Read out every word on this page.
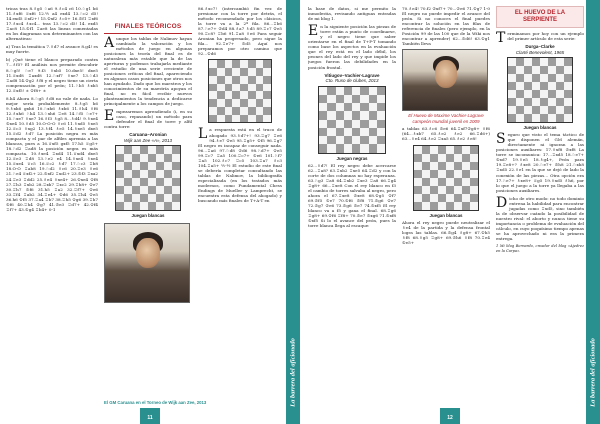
tricas tras 8.♗g5 ♘a6 9.♗c4 c6 10.♘g1 h6 11.♗xf6 ♕xf6 12.½ a4 exd4 13.♘c2 d5! 14.exd5 ♕xf2+! 15.♔xf2 ♗c5+ 16.♔f1 ♖xf6 17.♗xc4 ♗xc4... tras 13.♘c2 d5! 14. exd5 ♖ac8 15.♔f1 ♖ae8 las lineas comentadas en los diagramas son determinantes con las alternativas:

a) Tras la temática 7.♗d7 el avance 8.g4! es muy fuerte.

b) ¡Qué tiene el blanco preparado contra 7...♗f5? El análisis nos permite descubrir 8.♘g5! ♘e7 9.f3 ♗xb5 10.dxe5! dxe5 11.♕xd8 ♖axd8 12.♘xf7 ♗xe7 13.♘d3 ♖ad8 14.♔g2 ♗f8 y el negro tiene un cierta compensación por el peón; 11.♘b5 ♗xb5 12.♕xf5! ± ♔f8+ ±

8.h4 Ahora 8.♘g5 ♗d8 no vale de nada. Lo mejor sería probablemente 8.♗g5 h6 9.♗xh6 gxh6 10.♘xh6 ♗xh6 11.♗h4 ♗f6 12.♗xh6 ♘h4 13.♘xh6 ♖e8 14.♘f5 ♘e7+ 15.♘xe7 ♗xe7 16.♗f3 ♗g5 8...♗d4! 9.♗xe4 ♔xe4 10.♗d5 10.O-O-O ♗c6 11.♗xd5 ♗xe5 12.♕c3 ♗xg2 13.♗f4 ♗e5 14.♗xe5 dxe5 15.♕d2 ♗d7 La posición negra es más compacta y el par de alfiles apremia a las blancas, pues a 16.♕xf5 gxf5 17.h5 ♕g5+ 18.♘d2 ♖ad8 la posición negra es más compacta. 10.♗xe4 ♖xd4 11.♕xd4 dxe5 12.♕e3 ♖d8 13.♘e2 e4 14.♗xe4 ♗xe4 15.♕xe4 ♕c5 16.♕c2 ♗d7 17.♘c3 ♖b8 18.O-O ♖ab8 19.♘d2 ♗c6 20.♖e3 ♗e6 21.♘e4 ♕xf2+ 22.♔xf2 ♖xd2+ 23.♔f3 ♖xa2 24.♖e3 ♖dd2 25.♗e4 ♗xe4+ 26.♔xe4 ♔f8 27.♖h3 ♖xb2 28.♖xh7 ♖xc2 29.♖h8+ ♔e7 30.♖h7 ♔f6 31.h5 ♖a2 32.♖f7+ ♔e6 33.♖f4 ♖ab2 34.♖e4+ ♔d6 35.♖h4 ♔e5 36.h6 ♔f5 37.♖a4 ♖b7 38.♖h5 ♔g6 39.♖h7 ♔f6 40.♖h4 ♔g7 41.♔e3 ♖d7+ 42.♔f4 ♖f7+ 43.♔g4 ♖b4+ 0-1

FINALES TEÓRICOS

Aunque los tablas de Nalimov hayan cambiado la valoración y los métodos de juego en algunas posiciones la teoría del final es de naturaleza más estable que la de las aperturas y podemos trabajarla mediante el estudio de una serie creciente de posiciones críticas del final, apareciendo en algunos casos posiciones que otros nos han ayudado. Dado que los maestros y los conocimientos de su maestría apoyan el final, no es fácil recibir nuevos planteamientos la tendencia a dedicarse principalmente a los campos de juego.

Empezaremos aprendiendo (i, en su caso, repasando) un método para defender el final de torre y alfil contra torre:

Caruana–Aronian
Wijk aan Zee «A», 2013
Juegan blancas

86.♗xc7! (intercambió fin vez de presionar con la torre por detrás, el método recomendado por los clásicos, la torre va a la 2ª fila. 86...♖b6 87.♘e7+ ♔d4 88.♗a7 ♗d5 89.♖c7 ♔e5 90.♖c8? ♖b6 91.♖a8 ♗e6 Para seguir Aronian ha progresado, pero sigue la fila... 92.♖e7+ ♔d5 Aquí nos preparamos por otro camino que 92...♔d6

La respuesta está en el truco de ahogado 93.♗d7+! 93.♖g7 ♖e6 94.♗e7 ♔e5 95.♖g5+ ♔f5 96.♖g7 El negro es incapaz de conseguir nada. 96...♖a6 97.♘d8 ♔d6 98.♘d7+ ♔e5 99.♖c7 ♖a5 100.♖c7+ ♔e6 101.♘f7 ♖a5 102.♗c7 ♖c5 103.♖a7 ♗c3 104.♖a5+ ½-½ El estudio de este final se debería completar consultando las tablas de Nalimov, la bibliografía especializada (en los tratados más modernos, como Fundamental Chess Endings de Mueller y Lamprecht, se encuentra esta defensa del ahogado) y buscando más finales de T+A-T en

La barrera del aficionado
El GM Caruana en el Torneo de Wijk aan Zee, 2013
11

la base de datos, si me permito la inmodestia, revisando antiguas entradas de mi blog 1.

En la siguiente posición las piezas de torre están a punto de coordinarse, y el negro tiene que saber orientarse en el final de T+P-T tomando como base los aspectos en la evaluación que el rey está en el lado débil, los peones del lado del rey y que impide los juegos fueron las debilidades en la posición frontal.

Vitiugov–Vachier-Lagrave
Cto. Ruso de clubes, 2013
Juegan negras

62...♗d7! El rey negro debe acercarse 62...♖a8? 63.♖xb2 ♖xe5 64.♖d2 y con la corte de dos columnas no hay esperanza. 63.♘g3 ♖a8 64.♖xb2 ♖xe3 ♖a8 66.♖g4 ♖g8+ 66...♖xe8 Con el rey blanco en f3 el cambio de torres salvaba al negro, pero ahora el 67.♖xe8 ♔xe8 68.♔g5 ♔f7 69.♔f5 ♔e7 70.♔f6 ♔f8 71.♔g6 ♔e7 72.♔g7 ♔e6 73.♔g6 ♔e7 74.♔xf5 El rey blanco va a f5 y gana el final. 68.♖g6 ♖g8+ 69.♔f6 ♖f8+ 70.♔e7 ♔xg6 71.♔xf8 ♔xf5 Si lo el avance del peón, pues la torre blanca llega al escaque:

70.♗e4! 70.f2 ♔xf7+ 70...♔e6 71.♔g7 1-0 El negro no puede impedir el avance del peón. Si no conoces el final puedes encontrar la solución en las filas de referencia de finales (pero ejemplo, en la Posición 99 de las 100 que de la Wiki nos encontrar a aprender) 62...♔d6! 63.♔g1 También lleva

El Huevo de Maxime Vachier-Lagrave campeón mundial juvenil en 2009

a tablas 63.♗c6 ♔e6 64.♖xf7♔g8+ ♗f6 (64...♗xb7 65.♗e2 ♗e2 66.♖d6+) 63...♗e4 64.♗e2 ♖xa5 65.♗e2 ♗e8!

Juegan blancas

Ahora el rey negro puede neutralizar el ♗e4 de la partida y la defensa frontal logra las tablas. 66.♔g4 ♗g8+ 67.♔h5 ♗f8 68.♗g5 ♖g8+ 69.♔h6 ♗f8 70.♖e4 ♔e5+

EL HUEVO DE LA
SERPIENTE

Terminamos por hoy con un ejemplo del primer artículo de esta serie:

Durga–Clarke
Clarté Benevolent, 1965
Juegan blancas

Seguro que visto el tema táctico de que disponen el GM alemán, directamente ni ignoran a las posiciones auxiliares: 17.♗xf8 ♔xf8 La torre se incomunica: 17...♖xd5 18.♘e7+ ♔xd7 19.♗e5 18.♗g4+, Peón para 19.♖e8+? ♗xe8 20.♘e7+ ♔h8 21.♘xh8 ♖xd5 22.♗e1 en la que se dejó de lado la conexión de las piezas... Otra opción era 17.♘e7+ ♗xe8+ ♕g5 19.♗xd5 ♗h6, por lo que el juego a la torre ya llegaba a las posiciones auxiliares.

Dicho de otro modo: no todo dominio entrena la habilidad para encontrar jugadas como ♖xd5, sino también la de observar cuándo la posibilidad de nuestro rival: el aborto y nunca tiene su importancia o problema de evaluación del cálculo, en cuyo poquísimo tiempo apenas se ha aprovechado ni era la primera entrega.

1 Mi blog Bernardo, creador del blog «Ajedrez en la Carpa».

La barrera del aficionado
12
